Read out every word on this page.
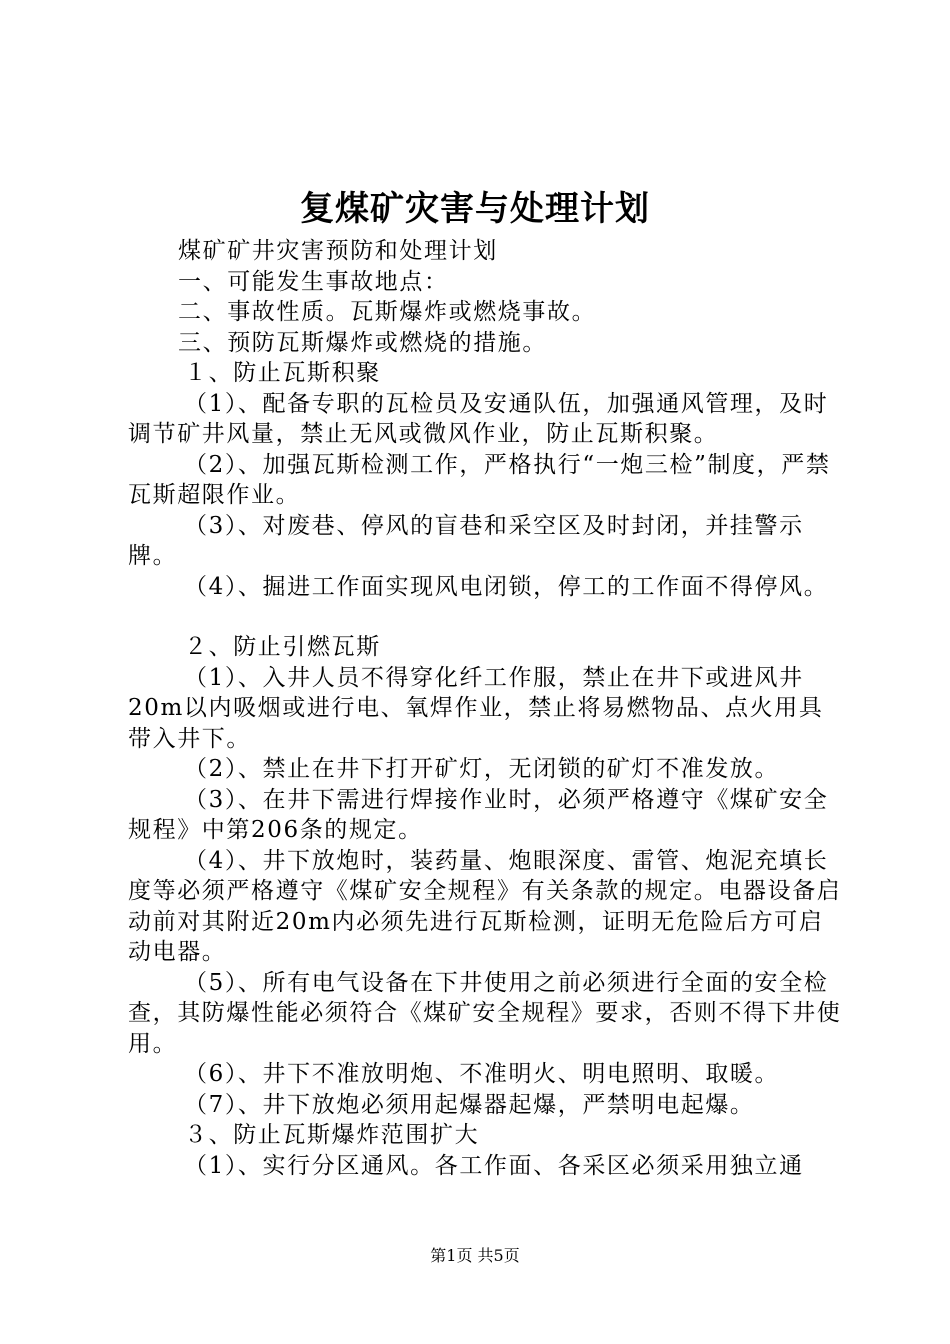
复煤矿灾害与处理计划

煤矿矿井灾害预防和处理计划

一、可能发生事故地点：

二、事故性质。瓦斯爆炸或燃烧事故。

三、预防瓦斯爆炸或燃烧的措施。

１、防止瓦斯积聚

（1）、配备专职的瓦检员及安通队伍，加强通风管理，及时调节矿井风量，禁止无风或微风作业，防止瓦斯积聚。

（2）、加强瓦斯检测工作，严格执行“一炮三检”制度，严禁瓦斯超限作业。

（3）、对废巷、停风的盲巷和采空区及时封闭，并挂警示牌。

（4）、掘进工作面实现风电闭锁，停工的工作面不得停风。

２、防止引燃瓦斯

（1）、入井人员不得穿化纤工作服，禁止在井下或进风井20m以内吸烟或进行电、氧焊作业，禁止将易燃物品、点火用具带入井下。

（2）、禁止在井下打开矿灯，无闭锁的矿灯不准发放。

（3）、在井下需进行焊接作业时，必须严格遵守《煤矿安全规程》中第206条的规定。

（4）、井下放炮时，装药量、炮眼深度、雷管、炮泥充填长度等必须严格遵守《煤矿安全规程》有关条款的规定。电器设备启动前对其附近20m内必须先进行瓦斯检测，证明无危险后方可启动电器。

（5）、所有电气设备在下井使用之前必须进行全面的安全检查，其防爆性能必须符合《煤矿安全规程》要求，否则不得下井使用。

（6）、井下不准放明炮、不准明火、明电照明、取暖。

（7）、井下放炮必须用起爆器起爆，严禁明电起爆。

３、防止瓦斯爆炸范围扩大

（1）、实行分区通风。各工作面、各采区必须采用独立通

第1页 共5页
